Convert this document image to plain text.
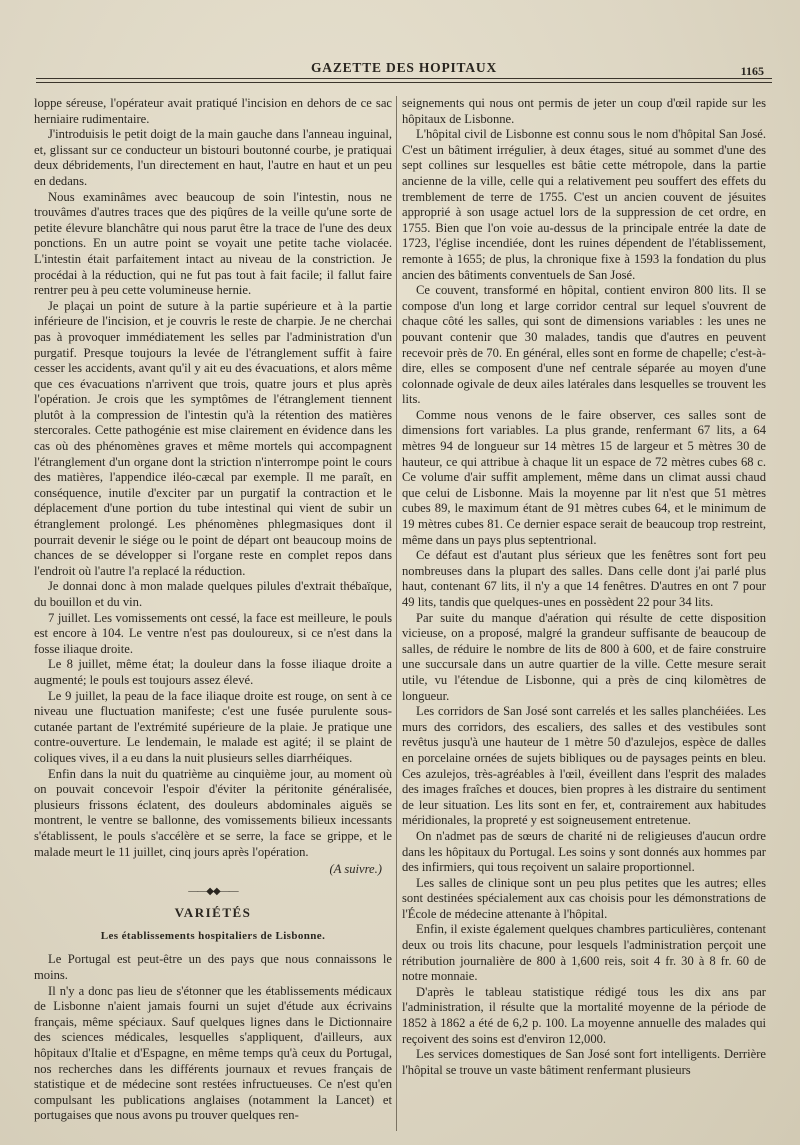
GAZETTE DES HOPITAUX	1165

loppe séreuse, l'opérateur avait pratiqué l'incision en dehors de ce sac herniaire rudimentaire.

J'introduisis le petit doigt de la main gauche dans l'anneau inguinal, et, glissant sur ce conducteur un bistouri boutonné courbe, je pratiquai deux débridements, l'un directement en haut, l'autre en haut et un peu en dedans.

Nous examinâmes avec beaucoup de soin l'intestin, nous ne trouvâmes d'autres traces que des piqûres de la veille qu'une sorte de petite élevure blanchâtre qui nous parut être la trace de l'une des deux ponctions. En un autre point se voyait une petite tache violacée. L'intestin était parfaitement intact au niveau de la constriction. Je procédai à la réduction, qui ne fut pas tout à fait facile; il fallut faire rentrer peu à peu cette volumineuse hernie.

Je plaçai un point de suture à la partie supérieure et à la partie inférieure de l'incision, et je couvris le reste de charpie. Je ne cherchai pas à provoquer immédiatement les selles par l'administration d'un purgatif. Presque toujours la levée de l'étranglement suffit à faire cesser les accidents, avant qu'il y ait eu des évacuations, et alors même que ces évacuations n'arrivent que trois, quatre jours et plus après l'opération. Je crois que les symptômes de l'étranglement tiennent plutôt à la compression de l'intestin qu'à la rétention des matières stercorales. Cette pathogénie est mise clairement en évidence dans les cas où des phénomènes graves et même mortels qui accompagnent l'étranglement d'un organe dont la striction n'interrompe point le cours des matières, l'appendice iléo-cæcal par exemple. Il me paraît, en conséquence, inutile d'exciter par un purgatif la contraction et le déplacement d'une portion du tube intestinal qui vient de subir un étranglement prolongé. Les phénomènes phlegmasiques dont il pourrait devenir le siége ou le point de départ ont beaucoup moins de chances de se développer si l'organe reste en complet repos dans l'endroit où l'autre l'a replacé la réduction.

Je donnai donc à mon malade quelques pilules d'extrait thébaïque, du bouillon et du vin.

7 juillet. Les vomissements ont cessé, la face est meilleure, le pouls est encore à 104. Le ventre n'est pas douloureux, si ce n'est dans la fosse iliaque droite.

Le 8 juillet, même état; la douleur dans la fosse iliaque droite a augmenté; le pouls est toujours assez élevé.

Le 9 juillet, la peau de la face iliaque droite est rouge, on sent à ce niveau une fluctuation manifeste; c'est une fusée purulente sous-cutanée partant de l'extrémité supérieure de la plaie. Je pratique une contre-ouverture. Le lendemain, le malade est agité; il se plaint de coliques vives, il a eu dans la nuit plusieurs selles diarrhéiques.

Enfin dans la nuit du quatrième au cinquième jour, au moment où on pouvait concevoir l'espoir d'éviter la péritonite généralisée, plusieurs frissons éclatent, des douleurs abdominales aiguës se montrent, le ventre se ballonne, des vomissements bilieux incessants s'établissent, le pouls s'accélère et se serre, la face se grippe, et le malade meurt le 11 juillet, cinq jours après l'opération.

(A suivre.)
——◆◆——
VARIÉTÉS
Les établissements hospitaliers de Lisbonne.

Le Portugal est peut-être un des pays que nous connaissons le moins.

Il n'y a donc pas lieu de s'étonner que les établissements médicaux de Lisbonne n'aient jamais fourni un sujet d'étude aux écrivains français, même spéciaux. Sauf quelques lignes dans le Dictionnaire des sciences médicales, lesquelles s'appliquent, d'ailleurs, aux hôpitaux d'Italie et d'Espagne, en même temps qu'à ceux du Portugal, nos recherches dans les différents journaux et revues français de statistique et de médecine sont restées infructueuses. Ce n'est qu'en compulsant les publications anglaises (notamment la Lancet) et portugaises que nous avons pu trouver quelques ren-

seignements qui nous ont permis de jeter un coup d'œil rapide sur les hôpitaux de Lisbonne.

L'hôpital civil de Lisbonne est connu sous le nom d'hôpital San José. C'est un bâtiment irrégulier, à deux étages, situé au sommet d'une des sept collines sur lesquelles est bâtie cette métropole, dans la partie ancienne de la ville, celle qui a relativement peu souffert des effets du tremblement de terre de 1755. C'est un ancien couvent de jésuites approprié à son usage actuel lors de la suppression de cet ordre, en 1755. Bien que l'on voie au-dessus de la principale entrée la date de 1723, l'église incendiée, dont les ruines dépendent de l'établissement, remonte à 1655; de plus, la chronique fixe à 1593 la fondation du plus ancien des bâtiments conventuels de San José.

Ce couvent, transformé en hôpital, contient environ 800 lits. Il se compose d'un long et large corridor central sur lequel s'ouvrent de chaque côté les salles, qui sont de dimensions variables : les unes ne pouvant contenir que 30 malades, tandis que d'autres en peuvent recevoir près de 70. En général, elles sont en forme de chapelle; c'est-à-dire, elles se composent d'une nef centrale séparée au moyen d'une colonnade ogivale de deux ailes latérales dans lesquelles se trouvent les lits.

Comme nous venons de le faire observer, ces salles sont de dimensions fort variables. La plus grande, renfermant 67 lits, a 64 mètres 94 de longueur sur 14 mètres 15 de largeur et 5 mètres 30 de hauteur, ce qui attribue à chaque lit un espace de 72 mètres cubes 68 c. Ce volume d'air suffit amplement, même dans un climat aussi chaud que celui de Lisbonne. Mais la moyenne par lit n'est que 51 mètres cubes 89, le maximum étant de 91 mètres cubes 64, et le minimum de 19 mètres cubes 81. Ce dernier espace serait de beaucoup trop restreint, même dans un pays plus septentrional.

Ce défaut est d'autant plus sérieux que les fenêtres sont fort peu nombreuses dans la plupart des salles. Dans celle dont j'ai parlé plus haut, contenant 67 lits, il n'y a que 14 fenêtres. D'autres en ont 7 pour 49 lits, tandis que quelques-unes en possèdent 22 pour 34 lits.

Par suite du manque d'aération qui résulte de cette disposition vicieuse, on a proposé, malgré la grandeur suffisante de beaucoup de salles, de réduire le nombre de lits de 800 à 600, et de faire construire une succursale dans un autre quartier de la ville. Cette mesure serait utile, vu l'étendue de Lisbonne, qui a près de cinq kilomètres de longueur.

Les corridors de San José sont carrelés et les salles planchéiées. Les murs des corridors, des escaliers, des salles et des vestibules sont revêtus jusqu'à une hauteur de 1 mètre 50 d'azulejos, espèce de dalles en porcelaine ornées de sujets bibliques ou de paysages peints en bleu. Ces azulejos, très-agréables à l'œil, éveillent dans l'esprit des malades des images fraîches et douces, bien propres à les distraire du sentiment de leur situation. Les lits sont en fer, et, contrairement aux habitudes méridionales, la propreté y est soigneusement entretenue.

On n'admet pas de sœurs de charité ni de religieuses d'aucun ordre dans les hôpitaux du Portugal. Les soins y sont donnés aux hommes par des infirmiers, qui tous reçoivent un salaire proportionnel.

Les salles de clinique sont un peu plus petites que les autres; elles sont destinées spécialement aux cas choisis pour les démonstrations de l'École de médecine attenante à l'hôpital.

Enfin, il existe également quelques chambres particulières, contenant deux ou trois lits chacune, pour lesquels l'administration perçoit une rétribution journalière de 800 à 1,600 reis, soit 4 fr. 30 à 8 fr. 60 de notre monnaie.

D'après le tableau statistique rédigé tous les dix ans par l'administration, il résulte que la mortalité moyenne de la période de 1852 à 1862 a été de 6,2 p. 100. La moyenne annuelle des malades qui reçoivent des soins est d'environ 12,000.

Les services domestiques de San José sont fort intelligents. Derrière l'hôpital se trouve un vaste bâtiment renfermant plusieurs
